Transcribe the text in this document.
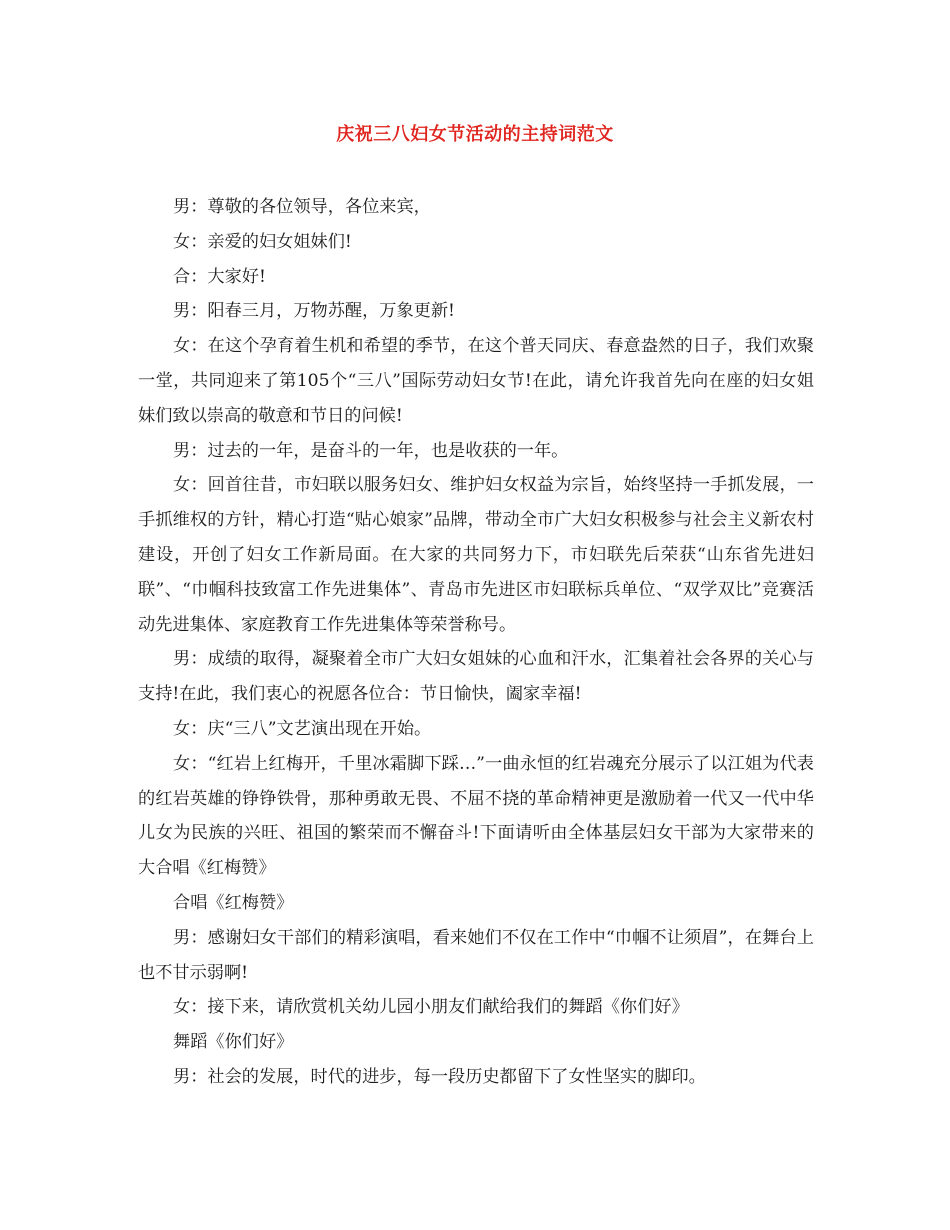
庆祝三八妇女节活动的主持词范文

男：尊敬的各位领导，各位来宾，

女：亲爱的妇女姐妹们!

合：大家好!

男：阳春三月，万物苏醒，万象更新!

女：在这个孕育着生机和希望的季节，在这个普天同庆、春意盎然的日子，我们欢聚一堂，共同迎来了第105个“三八”国际劳动妇女节!在此，请允许我首先向在座的妇女姐妹们致以崇高的敬意和节日的问候!

男：过去的一年，是奋斗的一年，也是收获的一年。

女：回首往昔，市妇联以服务妇女、维护妇女权益为宗旨，始终坚持一手抓发展，一手抓维权的方针，精心打造“贴心娘家”品牌，带动全市广大妇女积极参与社会主义新农村建设，开创了妇女工作新局面。在大家的共同努力下，市妇联先后荣获“山东省先进妇联”、“巾帼科技致富工作先进集体”、青岛市先进区市妇联标兵单位、“双学双比”竞赛活动先进集体、家庭教育工作先进集体等荣誉称号。

男：成绩的取得，凝聚着全市广大妇女姐妹的心血和汗水，汇集着社会各界的关心与支持!在此，我们衷心的祝愿各位合：节日愉快，阖家幸福!

女：庆“三八”文艺演出现在开始。

女：“红岩上红梅开，千里冰霜脚下踩…”一曲永恒的红岩魂充分展示了以江姐为代表的红岩英雄的铮铮铁骨，那种勇敢无畏、不屈不挠的革命精神更是激励着一代又一代中华儿女为民族的兴旺、祖国的繁荣而不懈奋斗!下面请听由全体基层妇女干部为大家带来的大合唱《红梅赞》

合唱《红梅赞》

男：感谢妇女干部们的精彩演唱，看来她们不仅在工作中“巾帼不让须眉”，在舞台上也不甘示弱啊!

女：接下来，请欣赏机关幼儿园小朋友们献给我们的舞蹈《你们好》

舞蹈《你们好》

男：社会的发展，时代的进步，每一段历史都留下了女性坚实的脚印。
